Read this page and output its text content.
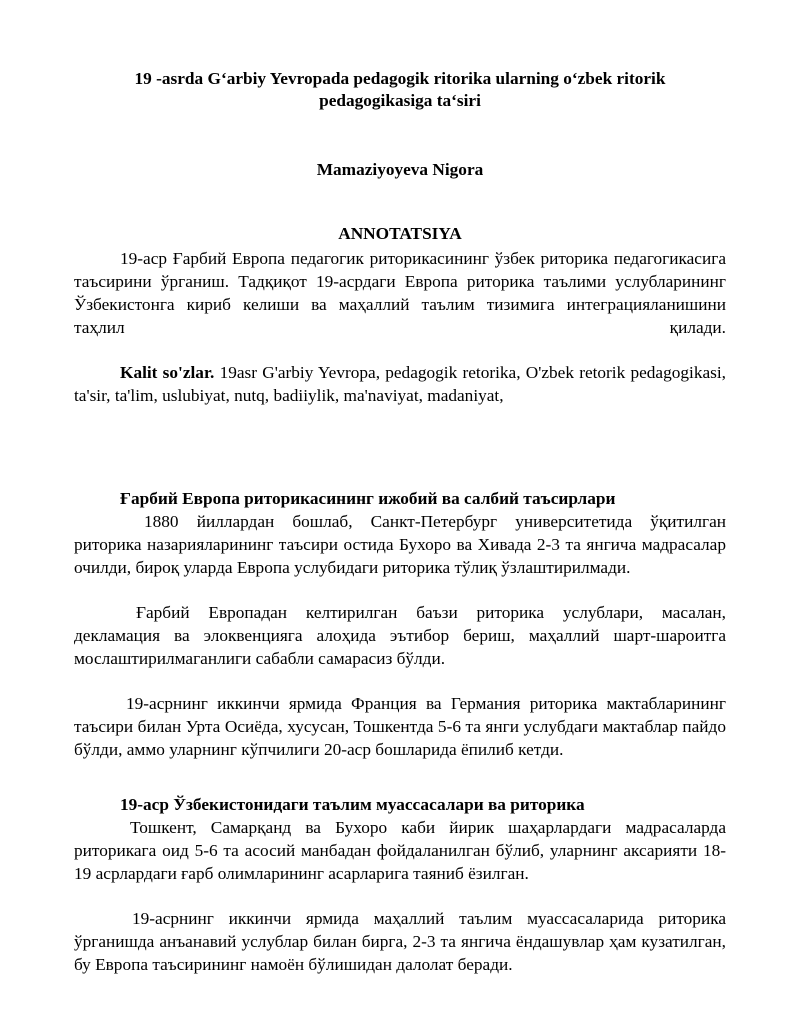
19 -asrda G‘arbiy Yevropada pedagogik ritorika ularning o‘zbek ritorik
pedagogikasiga ta‘siri

Mamaziyoyeva Nigora

ANNOTATSIYA

19-аср Ғарбий Европа педагогик риторикасининг ўзбек риторика педагогикасига таъсирини ўрганиш. Тадқиқот 19-асрдаги Европа риторика таълими услубларининг Ўзбекистонга кириб келиши ва маҳаллий таълим тизимига интеграцияланишини таҳлил қилади.

Kalit so'zlar. 19asr G'arbiy Yevropa, pedagogik retorika, O'zbek retorik pedagogikasi, ta'sir, ta'lim, uslubiyat, nutq, badiiylik, ma'naviyat, madaniyat,

Ғарбий Европа риторикасининг ижобий ва салбий таъсирлари

1880 йиллардан бошлаб, Санкт-Петербург университетида ўқитилган риторика назарияларининг таъсири остида Бухоро ва Хивада 2-3 та янгича мадрасалар очилди, бироқ уларда Европа услубидаги риторика тўлиқ ўзлаштирилмади.

Ғарбий Европадан келтирилган баъзи риторика услублари, масалан, декламация ва элоквенцияга алоҳида эътибор бериш, маҳаллий шарт-шароитга мослаштирилмаганлиги сабабли самарасиз бўлди.

19-асрнинг иккинчи ярмида Франция ва Германия риторика мактабларининг таъсири билан Урта Осиёда, хусусан, Тошкентда 5-6 та янги услубдаги мактаблар пайдо бўлди, аммо уларнинг кўпчилиги 20-аср бошларида ёпилиб кетди.

19-аср Ўзбекистонидаги таълим муассасалари ва риторика

Тошкент, Самарқанд ва Бухоро каби йирик шаҳарлардаги мадрасаларда риторикага оид 5-6 та асосий манбадан фойдаланилган бўлиб, уларнинг аксарияти 18-19 асрлардаги ғарб олимларининг асарларига таяниб ёзилган.

19-асрнинг иккинчи ярмида маҳаллий таълим муассасаларида риторика ўрганишда анъанавий услублар билан бирга, 2-3 та янгича ёндашувлар ҳам кузатилган, бу Европа таъсирининг намоён бўлишидан далолат беради.
